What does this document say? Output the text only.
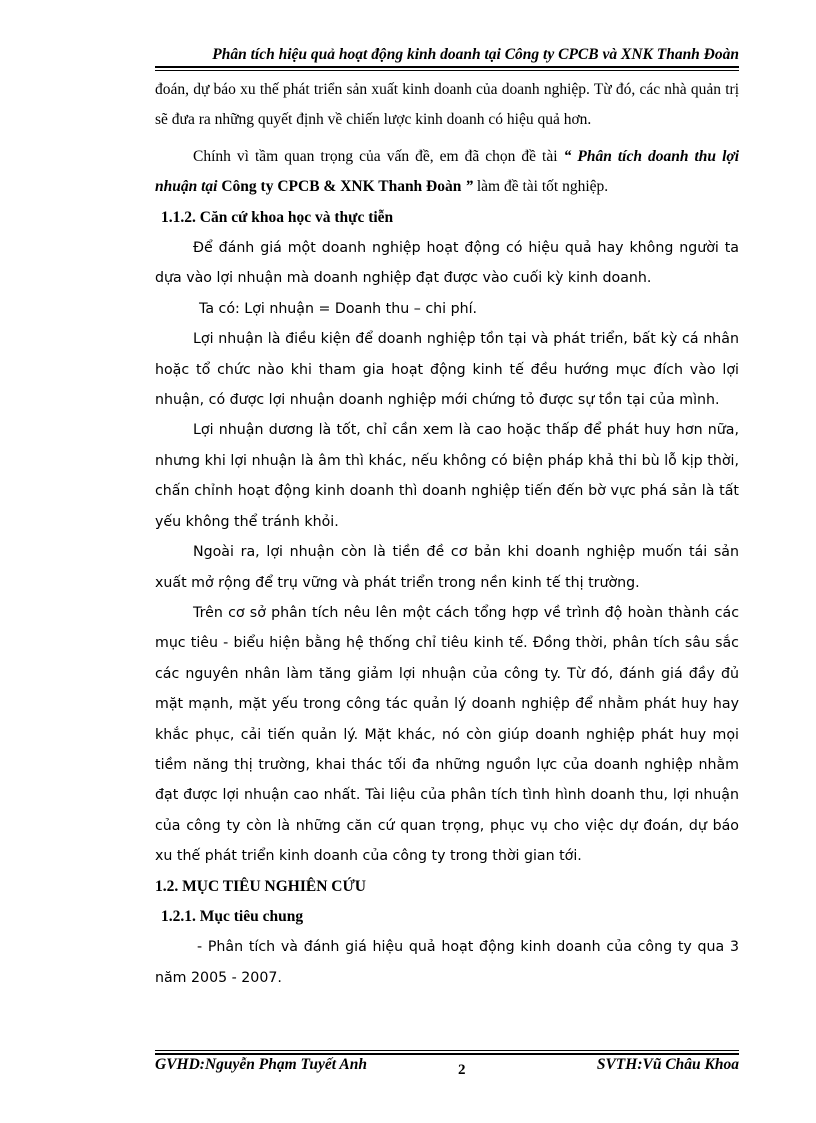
Phân tích hiệu quả hoạt động kinh doanh tại Công ty CPCB và XNK Thanh Đoàn

đoán, dự báo xu thế phát triển sản xuất kinh doanh của doanh nghiệp. Từ đó, các nhà quản trị sẽ đưa ra những quyết định về chiến lược kinh doanh có hiệu quả hơn.

Chính vì tầm quan trọng của vấn đề, em đã chọn đề tài “ Phân tích doanh thu lợi nhuận tại Công ty CPCB & XNK Thanh Đoàn ” làm đề tài tốt nghiệp.

1.1.2. Căn cứ khoa học và thực tiễn

Để đánh giá một doanh nghiệp hoạt động có hiệu quả hay không người ta dựa vào lợi nhuận mà doanh nghiệp đạt được vào cuối kỳ kinh doanh.

Ta có: Lợi nhuận = Doanh thu – chi phí.

Lợi nhuận là điều kiện để doanh nghiệp tồn tại và phát triển, bất kỳ cá nhân hoặc tổ chức nào khi tham gia hoạt động kinh tế đều hướng mục đích vào lợi nhuận, có được lợi nhuận doanh nghiệp mới chứng tỏ được sự tồn tại của mình.

Lợi nhuận dương là tốt, chỉ cần xem là cao hoặc thấp để phát huy hơn nữa, nhưng khi lợi nhuận là âm thì khác, nếu không có biện pháp khả thi bù lỗ kịp thời, chấn chỉnh hoạt động kinh doanh thì doanh nghiệp tiến đến bờ vực phá sản là tất yếu không thể tránh khỏi.

Ngoài ra, lợi nhuận còn là tiền đề cơ bản khi doanh nghiệp muốn tái sản xuất mở rộng để trụ vững và phát triển trong nền kinh tế thị trường.

Trên cơ sở phân tích nêu lên một cách tổng hợp về trình độ hoàn thành các mục tiêu - biểu hiện bằng hệ thống chỉ tiêu kinh tế. Đồng thời, phân tích sâu sắc các nguyên nhân làm tăng giảm lợi nhuận của công ty. Từ đó, đánh giá đầy đủ mặt mạnh, mặt yếu trong công tác quản lý doanh nghiệp để nhằm phát huy hay khắc phục, cải tiến quản lý. Mặt khác, nó còn giúp doanh nghiệp phát huy mọi tiềm năng thị trường, khai thác tối đa những nguồn lực của doanh nghiệp nhằm đạt được lợi nhuận cao nhất. Tài liệu của phân tích tình hình doanh thu, lợi nhuận của công ty còn là những căn cứ quan trọng, phục vụ cho việc dự đoán, dự báo xu thế phát triển kinh doanh của công ty trong thời gian tới.

1.2. MỤC TIÊU NGHIÊN CỨU

1.2.1. Mục tiêu chung

- Phân tích và đánh giá hiệu quả hoạt động kinh doanh của công ty qua 3 năm 2005 - 2007.

GVHD:Nguyễn Phạm Tuyết Anh	2	SVTH:Vũ Châu Khoa
